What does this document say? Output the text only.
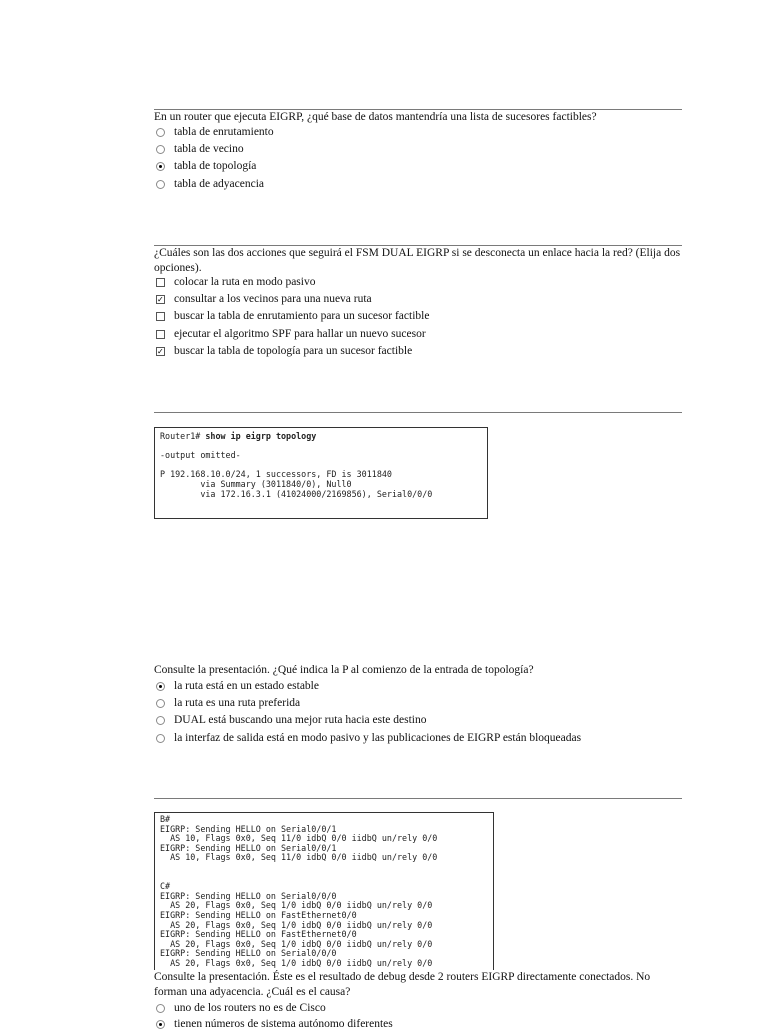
En un router que ejecuta EIGRP, ¿qué base de datos mantendría una lista de sucesores factibles?
tabla de enrutamiento
tabla de vecino
tabla de topología
tabla de adyacencia
¿Cuáles son las dos acciones que seguirá el FSM DUAL EIGRP si se desconecta un enlace hacia la red? (Elija dos opciones).
colocar la ruta en modo pasivo
✓
consultar a los vecinos para una nueva ruta
buscar la tabla de enrutamiento para un sucesor factible
ejecutar el algoritmo SPF para hallar un nuevo sucesor
✓
buscar la tabla de topología para un sucesor factible
Router1# show ip eigrp topology
-output omitted-
P 192.168.10.0/24, 1 successors, FD is 3011840
via Summary (3011840/0), Null0
via 172.16.3.1 (41024000/2169856), Serial0/0/0
Consulte la presentación. ¿Qué indica la P al comienzo de la entrada de topología?
la ruta está en un estado estable
la ruta es una ruta preferida
DUAL está buscando una mejor ruta hacia este destino
la interfaz de salida está en modo pasivo y las publicaciones de EIGRP están bloqueadas
B#
EIGRP: Sending HELLO on Serial0/0/1
AS 10, Flags 0x0, Seq 11/0 idbQ 0/0 iidbQ un/rely 0/0
EIGRP: Sending HELLO on Serial0/0/1
AS 10, Flags 0x0, Seq 11/0 idbQ 0/0 iidbQ un/rely 0/0
C#
EIGRP: Sending HELLO on Serial0/0/0
AS 20, Flags 0x0, Seq 1/0 idbQ 0/0 iidbQ un/rely 0/0
EIGRP: Sending HELLO on FastEthernet0/0
AS 20, Flags 0x0, Seq 1/0 idbQ 0/0 iidbQ un/rely 0/0
EIGRP: Sending HELLO on FastEthernet0/0
AS 20, Flags 0x0, Seq 1/0 idbQ 0/0 iidbQ un/rely 0/0
EIGRP: Sending HELLO on Serial0/0/0
AS 20, Flags 0x0, Seq 1/0 idbQ 0/0 iidbQ un/rely 0/0
Consulte la presentación. Éste es el resultado de debug desde 2 routers EIGRP directamente conectados. No forman una adyacencia. ¿Cuál es el causa?
uno de los routers no es de Cisco
tienen números de sistema autónomo diferentes
